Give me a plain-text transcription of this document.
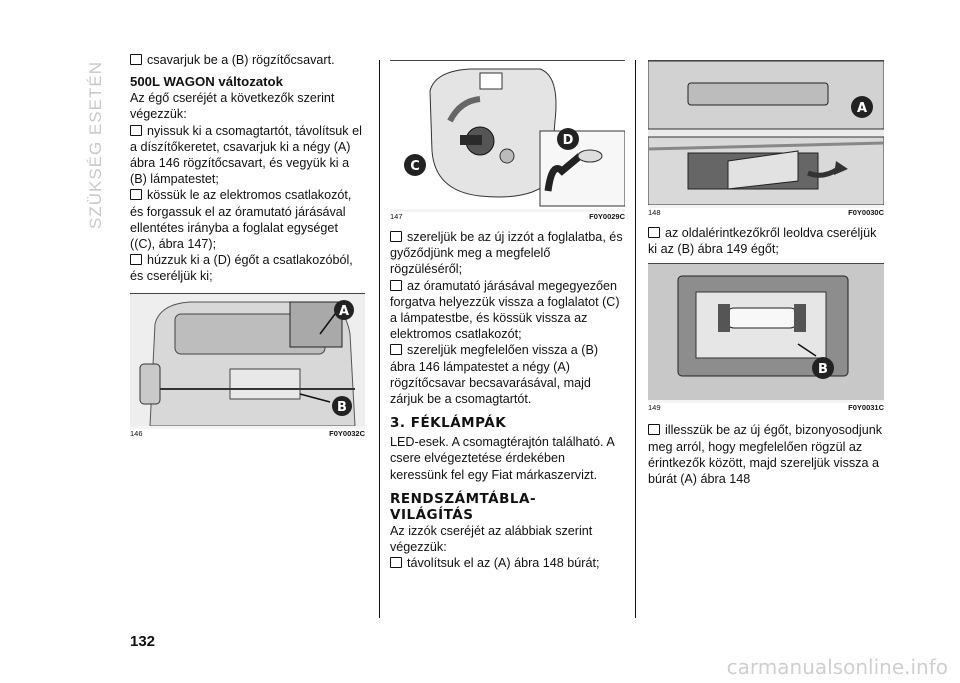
SZÜKSÉG ESETÉN

csavarjuk be a (B) rögzítőcsavart.

500L WAGON változatok

Az égő cseréjét a következők szerint végezzük:

nyissuk ki a csomagtartót, távolítsuk el a díszítőkeretet, csavarjuk ki a négy (A) ábra 146 rögzítőcsavart, és vegyük ki a (B) lámpatestet;

kössük le az elektromos csatlakozót, és forgassuk el az óramutató járásával ellentétes irányba a foglalat egységet ((C), ábra 147);

húzzuk ki a (D) égőt a csatlakozóból, és cseréljük ki;

A
B
146	F0Y0032C
C
D
147	F0Y0029C

szereljük be az új izzót a foglalatba, és győződjünk meg a megfelelő rögzüléséről;

az óramutató járásával megegyezően forgatva helyezzük vissza a foglalatot (C) a lámpatestbe, és kössük vissza az elektromos csatlakozót;

szereljük megfelelően vissza a (B) ábra 146 lámpatestet a négy (A) rögzítőcsavar becsavarásával, majd zárjuk be a csomagtartót.

3. FÉKLÁMPÁK

LED-esek. A csomagtérajtón található. A csere elvégeztetése érdekében keressünk fel egy Fiat márkaszervizt.

RENDSZÁMTÁBLA-
VILÁGÍTÁS

Az izzók cseréjét az alábbiak szerint végezzük:

távolítsuk el az (A) ábra 148 búrát;

A
148	F0Y0030C

az oldalérintkezőkről leoldva cseréljük ki az (B) ábra 149 égőt;

B
149	F0Y0031C

illesszük be az új égőt, bizonyosodjunk meg arról, hogy megfelelően rögzül az érintkezők között, majd szereljük vissza a búrát (A) ábra 148

132
carmanualsonline.info
